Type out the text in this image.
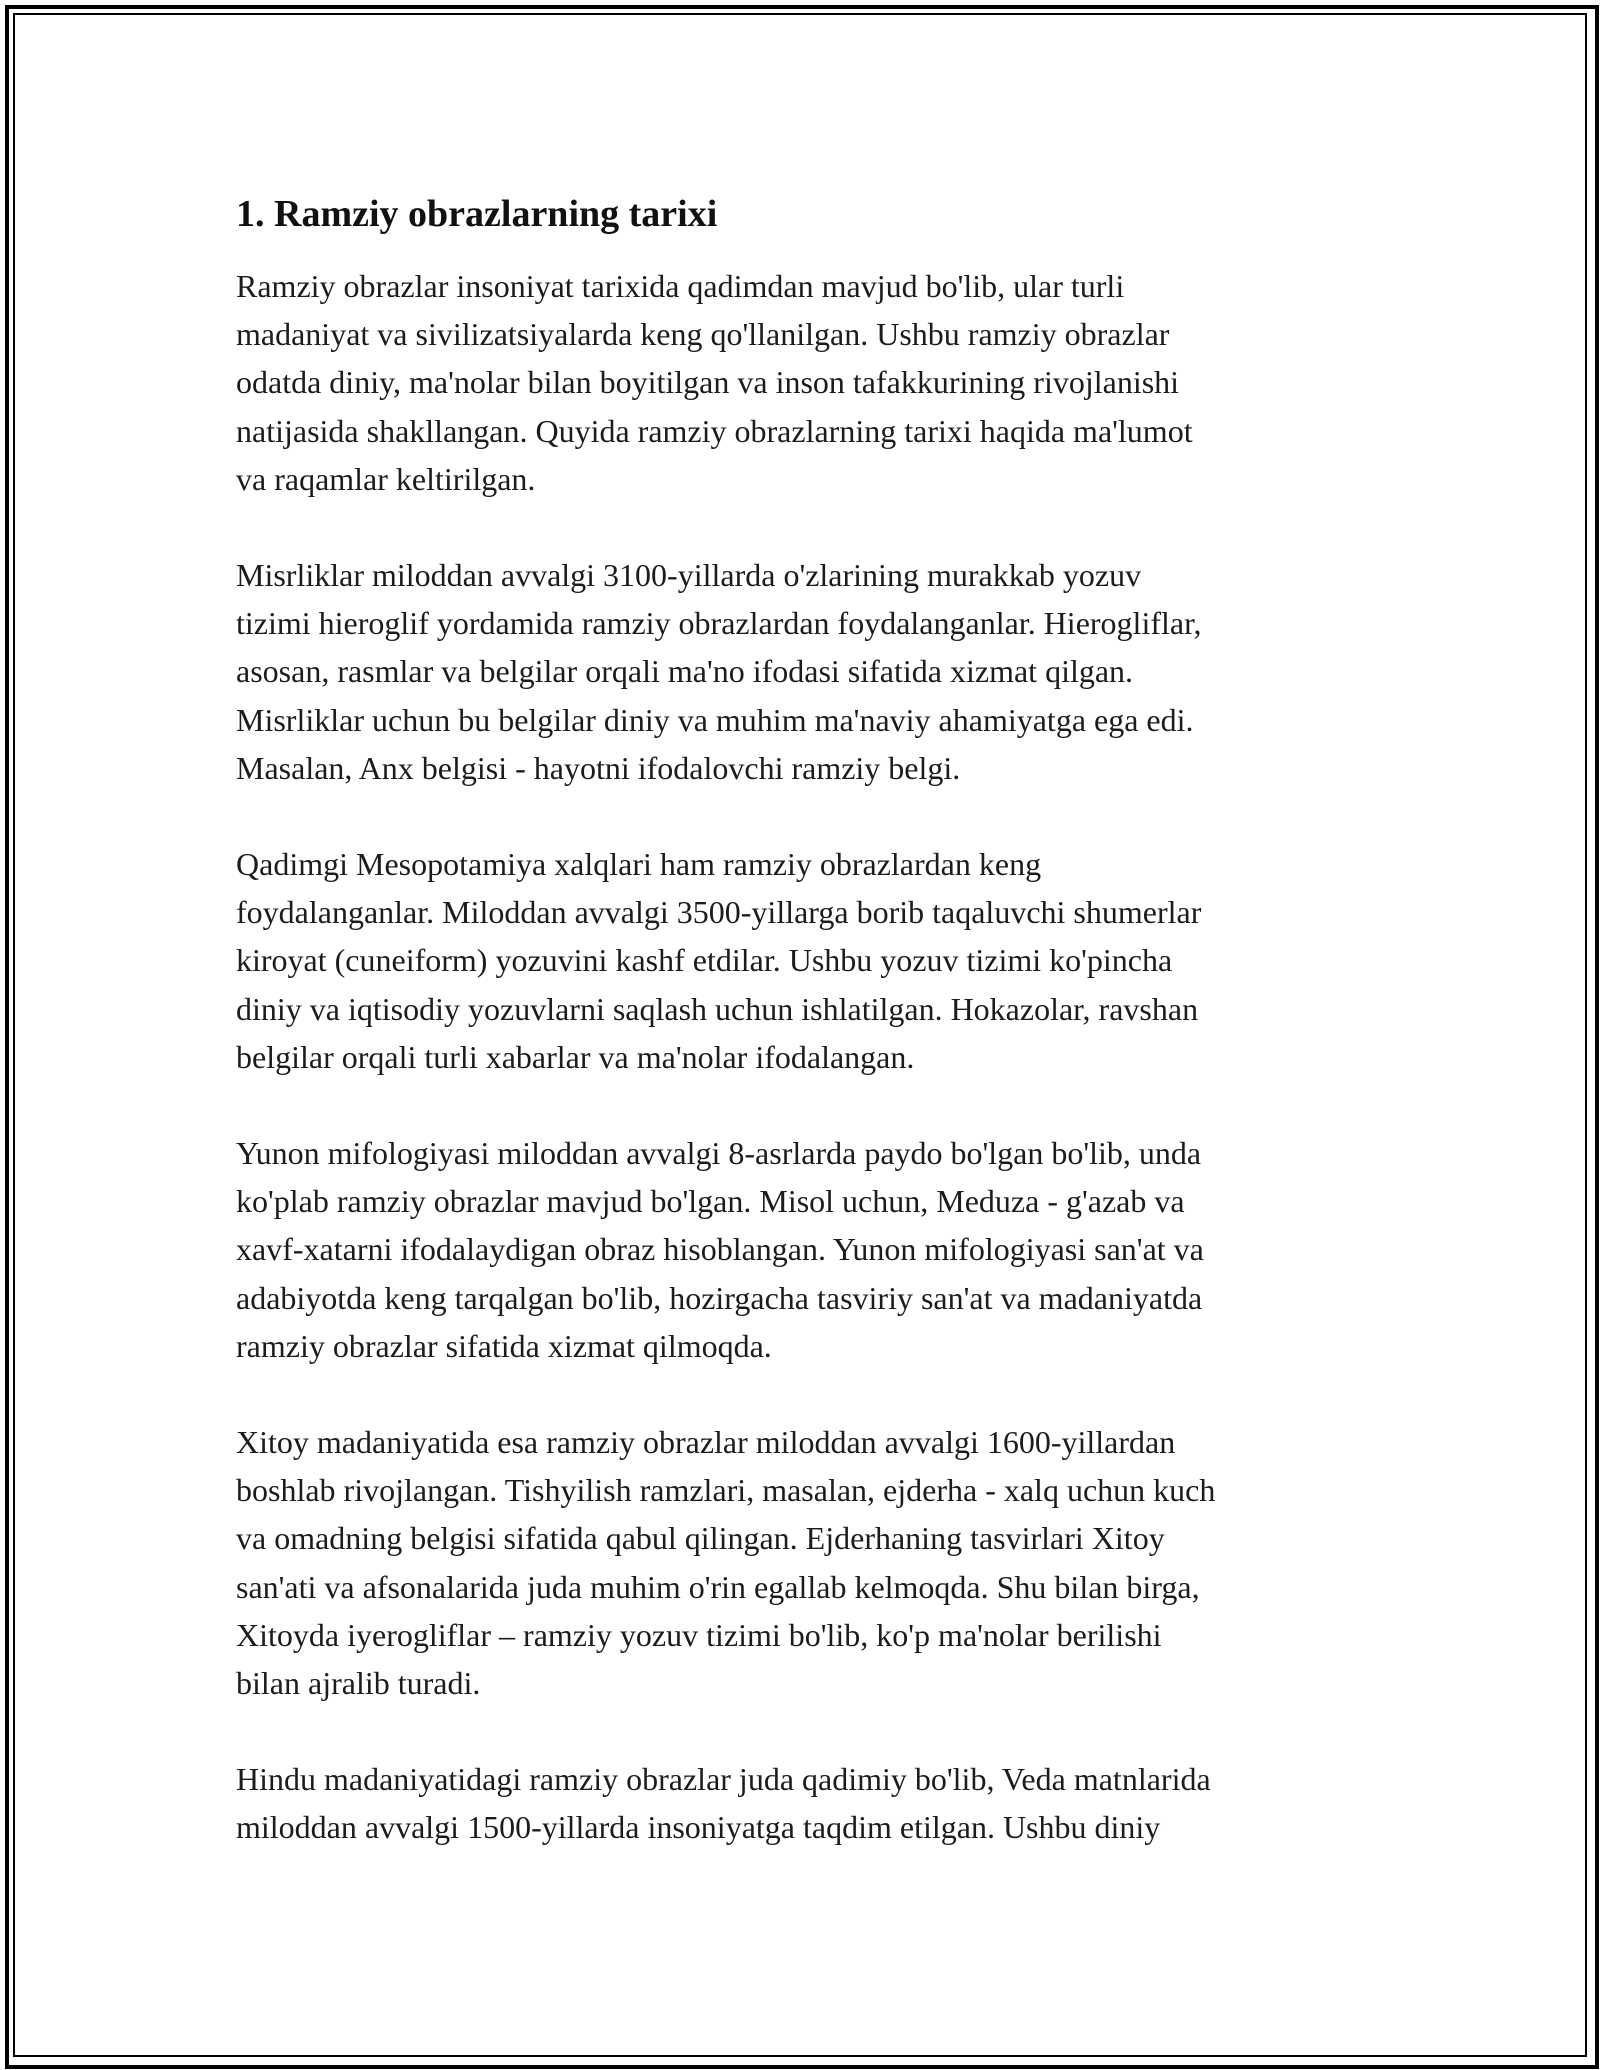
1. Ramziy obrazlarning tarixi

Ramziy obrazlar insoniyat tarixida qadimdan mavjud bo'lib, ular turli
madaniyat va sivilizatsiyalarda keng qo'llanilgan. Ushbu ramziy obrazlar
odatda diniy, ma'nolar bilan boyitilgan va inson tafakkurining rivojlanishi
natijasida shakllangan. Quyida ramziy obrazlarning tarixi haqida ma'lumot
va raqamlar keltirilgan.

Misrliklar miloddan avvalgi 3100-yillarda o'zlarining murakkab yozuv
tizimi hieroglif yordamida ramziy obrazlardan foydalanganlar. Hierogliflar,
asosan, rasmlar va belgilar orqali ma'no ifodasi sifatida xizmat qilgan.
Misrliklar uchun bu belgilar diniy va muhim ma'naviy ahamiyatga ega edi.
Masalan, Anx belgisi - hayotni ifodalovchi ramziy belgi.

Qadimgi Mesopotamiya xalqlari ham ramziy obrazlardan keng
foydalanganlar. Miloddan avvalgi 3500-yillarga borib taqaluvchi shumerlar
kiroyat (cuneiform) yozuvini kashf etdilar. Ushbu yozuv tizimi ko'pincha
diniy va iqtisodiy yozuvlarni saqlash uchun ishlatilgan. Hokazolar, ravshan
belgilar orqali turli xabarlar va ma'nolar ifodalangan.

Yunon mifologiyasi miloddan avvalgi 8-asrlarda paydo bo'lgan bo'lib, unda
ko'plab ramziy obrazlar mavjud bo'lgan. Misol uchun, Meduza - g'azab va
xavf-xatarni ifodalaydigan obraz hisoblangan. Yunon mifologiyasi san'at va
adabiyotda keng tarqalgan bo'lib, hozirgacha tasviriy san'at va madaniyatda
ramziy obrazlar sifatida xizmat qilmoqda.

Xitoy madaniyatida esa ramziy obrazlar miloddan avvalgi 1600-yillardan
boshlab rivojlangan. Tishyilish ramzlari, masalan, ejderha - xalq uchun kuch
va omadning belgisi sifatida qabul qilingan. Ejderhaning tasvirlari Xitoy
san'ati va afsonalarida juda muhim o'rin egallab kelmoqda. Shu bilan birga,
Xitoyda iyerogliflar – ramziy yozuv tizimi bo'lib, ko'p ma'nolar berilishi
bilan ajralib turadi.

Hindu madaniyatidagi ramziy obrazlar juda qadimiy bo'lib, Veda matnlarida
miloddan avvalgi 1500-yillarda insoniyatga taqdim etilgan. Ushbu diniy
